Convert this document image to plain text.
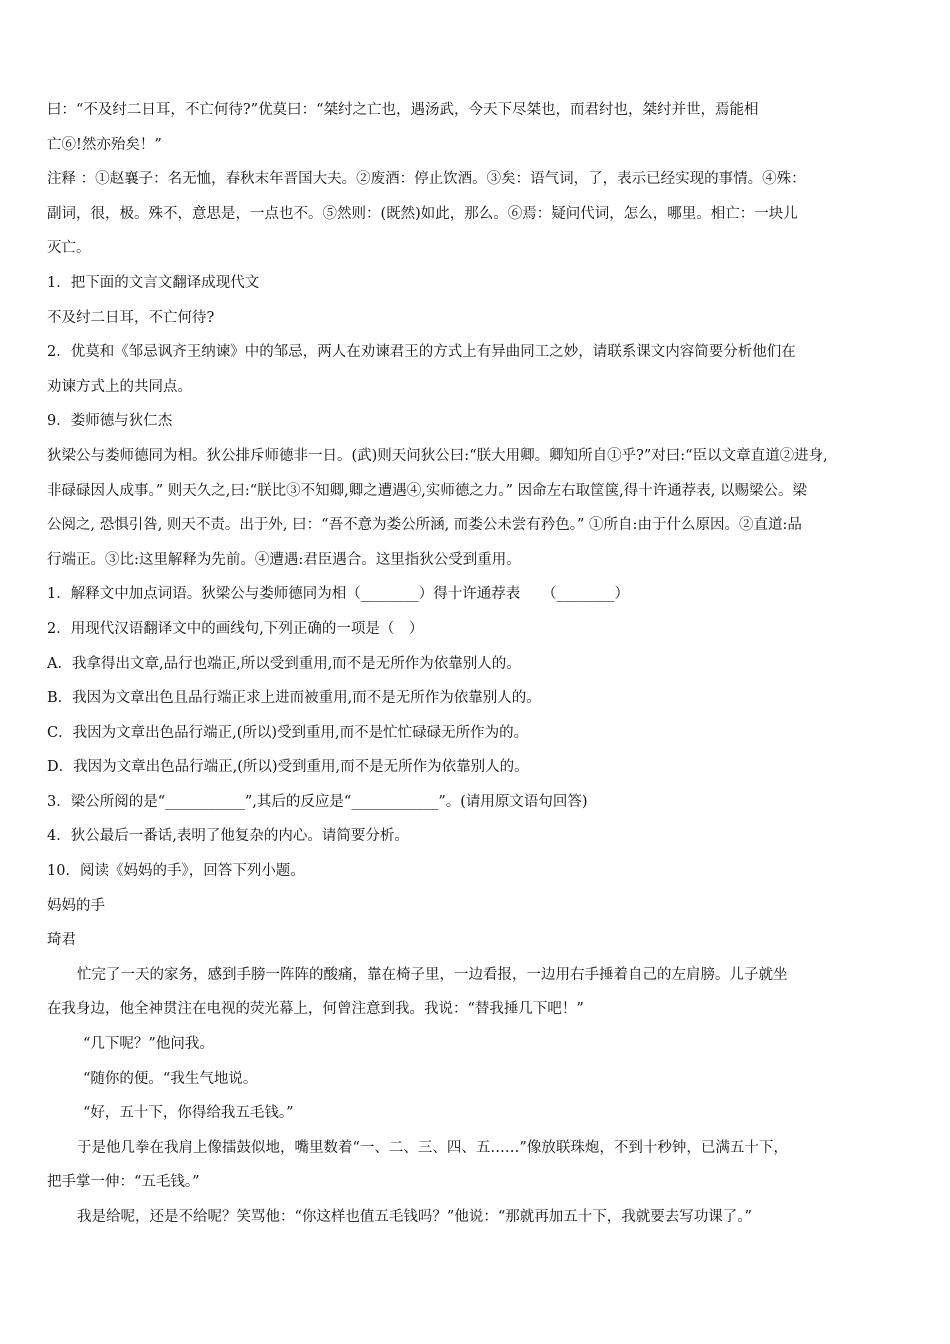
曰：“不及纣二日耳，不亡何待?”优莫曰：“桀纣之亡也，遇汤武，今天下尽桀也，而君纣也，桀纣并世，焉能相
亡⑥!然亦殆矣！”
注释 ：①赵襄子：名无恤，春秋末年晋国大夫。②废酒：停止饮酒。③矣：语气词，了，表示已经实现的事情。④殊：
副词，很，极。殊不，意思是，一点也不。⑤然则：(既然)如此，那么。⑥焉：疑问代词，怎么，哪里。相亡：一块儿
灭亡。
1．把下面的文言文翻译成现代文
不及纣二日耳，不亡何待?
2．优莫和《邹忌讽齐王纳谏》中的邹忌，两人在劝谏君王的方式上有异曲同工之妙，请联系课文内容简要分析他们在
劝谏方式上的共同点。
9．娄师德与狄仁杰
狄梁公与娄师德同为相。狄公排斥师德非一日。(武)则天问狄公曰:“朕大用卿。卿知所自①乎?”对曰:“臣以文章直道②进身,
非碌碌因人成事。” 则天久之,曰:“朕比③不知卿,卿之遭遇④,实师德之力。” 因命左右取筐箧,得十许通荐表, 以赐梁公。梁
公阅之, 恐惧引咎, 则天不责。出于外, 曰：“吾不意为娄公所涵, 而娄公未尝有矜色。” ①所自:由于什么原因。②直道:品
行端正。③比:这里解释为先前。④遭遇:君臣遇合。这里指狄公受到重用。
1．解释文中加点词语。狄梁公与娄师德同为相（________）得十许通荐表　　（________）
2．用现代汉语翻译文中的画线句,下列正确的一项是（　）
A．我拿得出文章,品行也端正,所以受到重用,而不是无所作为依靠别人的。
B．我因为文章出色且品行端正求上进而被重用,而不是无所作为依靠别人的。
C．我因为文章出色品行端正,(所以)受到重用,而不是忙忙碌碌无所作为的。
D．我因为文章出色品行端正,(所以)受到重用,而不是无所作为依靠别人的。
3．梁公所阅的是“___________”,其后的反应是“____________”。(请用原文语句回答)
4．狄公最后一番话,表明了他复杂的内心。请简要分析。
10．阅读《妈妈的手》，回答下列小题。
妈妈的手
琦君
忙完了一天的家务，感到手膀一阵阵的酸痛，靠在椅子里，一边看报，一边用右手捶着自己的左肩膀。儿子就坐
在我身边，他全神贯注在电视的荧光幕上，何曾注意到我。我说：“替我捶几下吧！”
“几下呢？”他问我。
“随你的便。“我生气地说。
“好，五十下，你得给我五毛钱。”
于是他几拳在我肩上像擂鼓似地，嘴里数着“一、二、三、四、五……”像放联珠炮，不到十秒钟，已满五十下，
把手掌一伸：“五毛钱。”
我是给呢，还是不给呢？笑骂他：“你这样也值五毛钱吗？”他说：“那就再加五十下，我就要去写功课了。”
